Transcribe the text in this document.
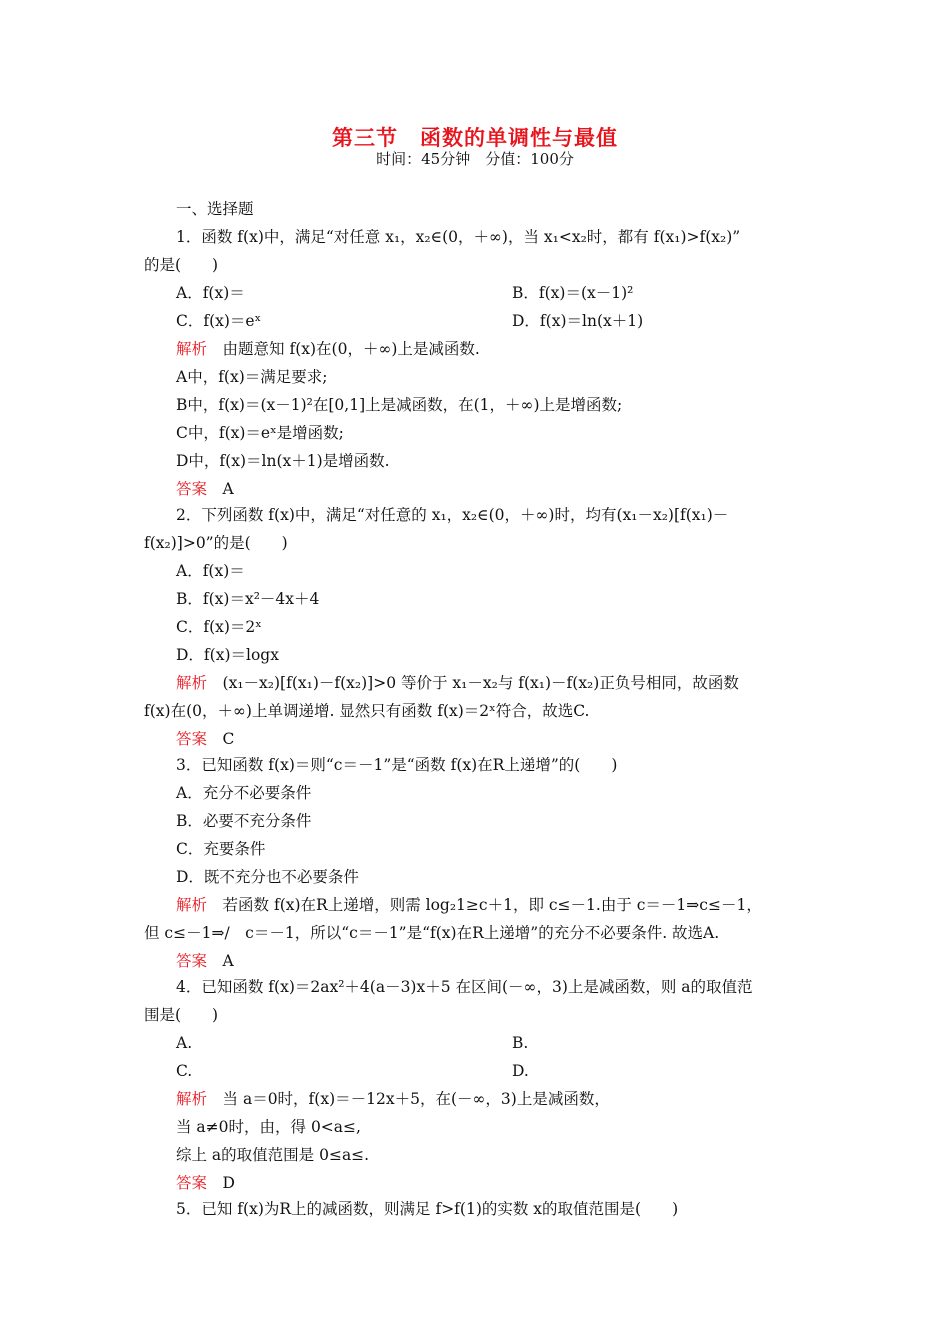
第三节　函数的单调性与最值
时间：45分钟　分值：100分
一、选择题
1．函数 f(x)中，满足“对任意 x₁，x₂∈(0，＋∞)，当 x₁<x₂时，都有 f(x₁)>f(x₂)”
的是(　　)
A．f(x)＝	B．f(x)＝(x－1)²
C．f(x)＝eˣ	D．f(x)＝ln(x＋1)
解析　 由题意知 f(x)在(0，＋∞)上是减函数.
A中，f(x)＝满足要求;
B中，f(x)＝(x－1)²在[0,1]上是减函数，在(1，＋∞)上是增函数;
C中，f(x)＝eˣ是增函数;
D中，f(x)＝ln(x＋1)是增函数.
答案　 A
2．下列函数 f(x)中，满足“对任意的 x₁，x₂∈(0，＋∞)时，均有(x₁－x₂)[f(x₁)－
f(x₂)]>0”的是(　　)
A．f(x)＝
B．f(x)＝x²－4x＋4
C．f(x)＝2ˣ
D．f(x)＝logx
解析　 (x₁－x₂)[f(x₁)－f(x₂)]>0 等价于 x₁－x₂与 f(x₁)－f(x₂)正负号相同，故函数
f(x)在(0，＋∞)上单调递增. 显然只有函数 f(x)＝2ˣ符合，故选C.
答案　 C
3．已知函数 f(x)＝则“c＝－1”是“函数 f(x)在R上递增”的(　　)
A．充分不必要条件
B．必要不充分条件
C．充要条件
D．既不充分也不必要条件
解析　 若函数 f(x)在R上递增，则需 log₂1≥c＋1，即 c≤－1.由于 c＝－1⇒c≤－1，
但 c≤－1⇒/　c＝－1，所以“c＝－1”是“f(x)在R上递增”的充分不必要条件. 故选A.
答案　 A
4．已知函数 f(x)＝2ax²＋4(a－3)x＋5 在区间(－∞，3)上是减函数，则 a的取值范
围是(　　)
A.	B.
C.	D.
解析　 当 a＝0时，f(x)＝－12x＋5，在(－∞，3)上是减函数，
当 a≠0时，由，得 0<a≤,
综上 a的取值范围是 0≤a≤.
答案　 D
5．已知 f(x)为R上的减函数，则满足 f>f(1)的实数 x的取值范围是(　　)
